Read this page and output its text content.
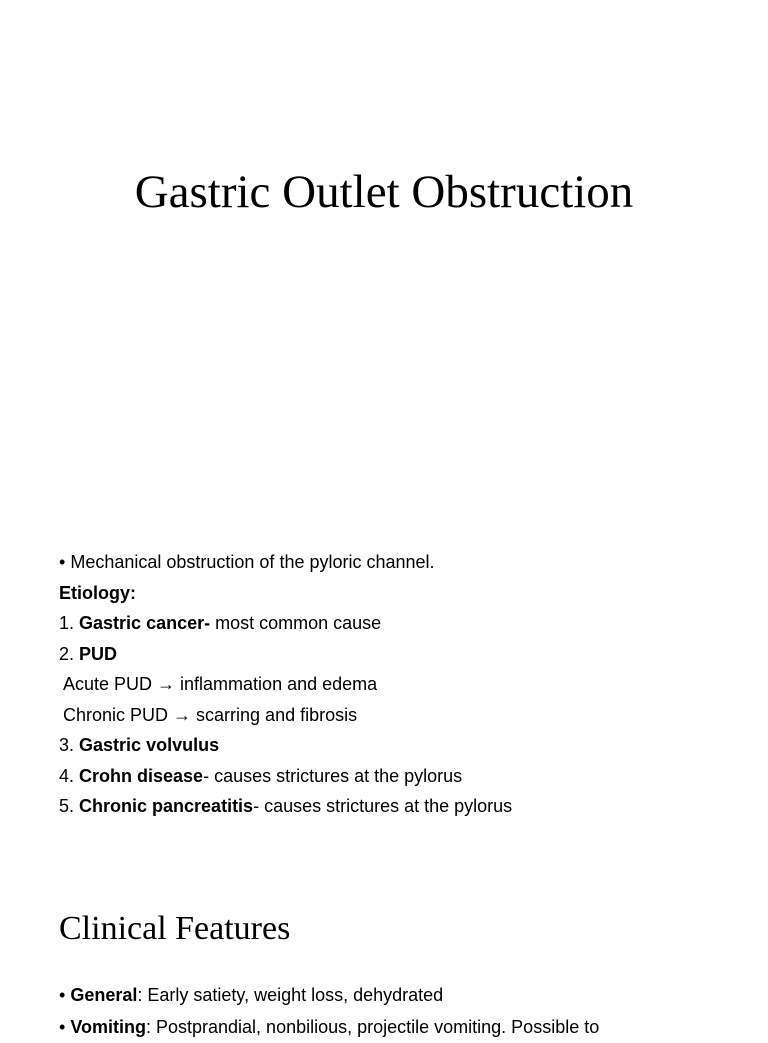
Gastric Outlet Obstruction
• Mechanical obstruction of the pyloric channel.
Etiology:
1. Gastric cancer- most common cause
2. PUD
Acute PUD → inflammation and edema
Chronic PUD → scarring and fibrosis
3. Gastric volvulus
4. Crohn disease- causes strictures at the pylorus
5. Chronic pancreatitis- causes strictures at the pylorus
Clinical Features
• General: Early satiety, weight loss, dehydrated
• Vomiting: Postprandial, nonbilious, projectile vomiting. Possible to
